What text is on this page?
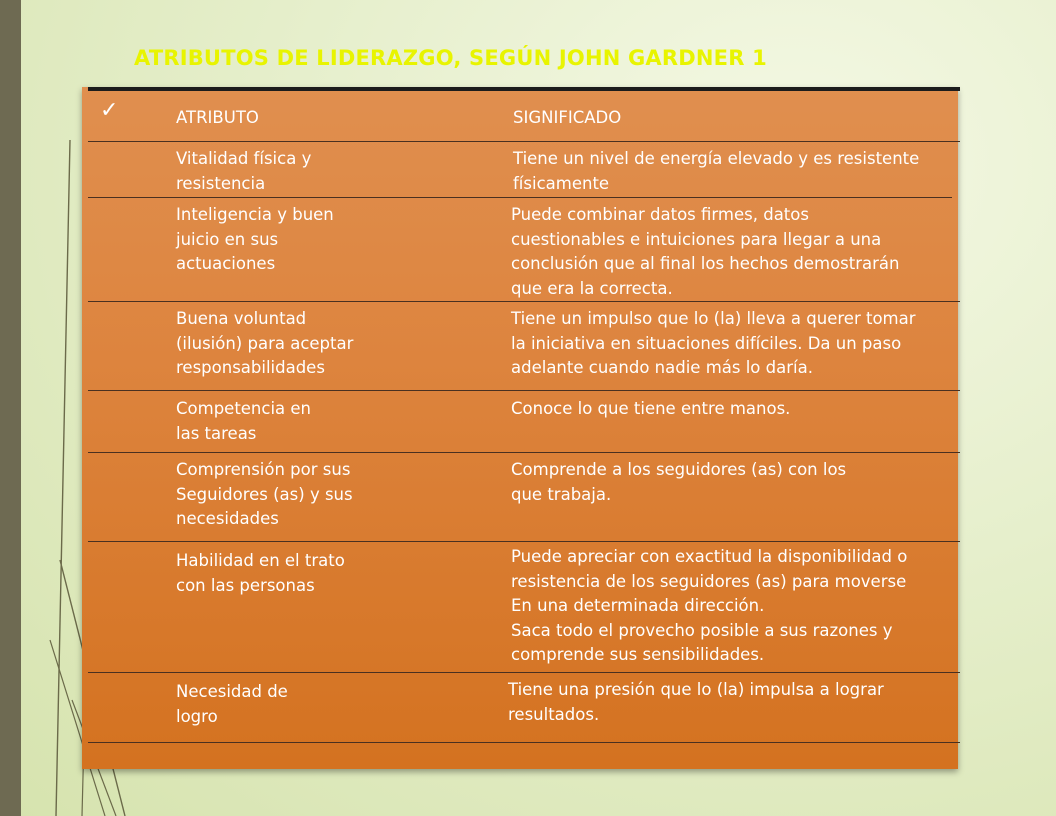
ATRIBUTOS DE LIDERAZGO, SEGÚN JOHN GARDNER 1
✓	ATRIBUTO	SIGNIFICADO
Vitalidad física y
resistencia
Tiene un nivel de energía elevado y es resistente
físicamente
Inteligencia y buen
juicio en sus
actuaciones
Puede combinar datos firmes, datos
cuestionables e intuiciones para llegar a una
conclusión que al final los hechos demostrarán
que era la correcta.
Buena voluntad
(ilusión) para aceptar
responsabilidades
Tiene un impulso que lo (la) lleva a querer tomar
la iniciativa en situaciones difíciles. Da un paso
adelante cuando nadie más lo daría.
Competencia en
las tareas
Conoce lo que tiene entre manos.
Comprensión por sus
Seguidores (as) y sus
necesidades
Comprende a los seguidores (as) con los
que trabaja.
Habilidad en el trato
con las personas
Puede apreciar con exactitud la disponibilidad o
resistencia de los seguidores (as) para moverse
En una determinada dirección.
Saca todo el provecho posible a sus razones y
comprende sus sensibilidades.
Necesidad de
logro
Tiene una presión que lo (la) impulsa a lograr
resultados.
